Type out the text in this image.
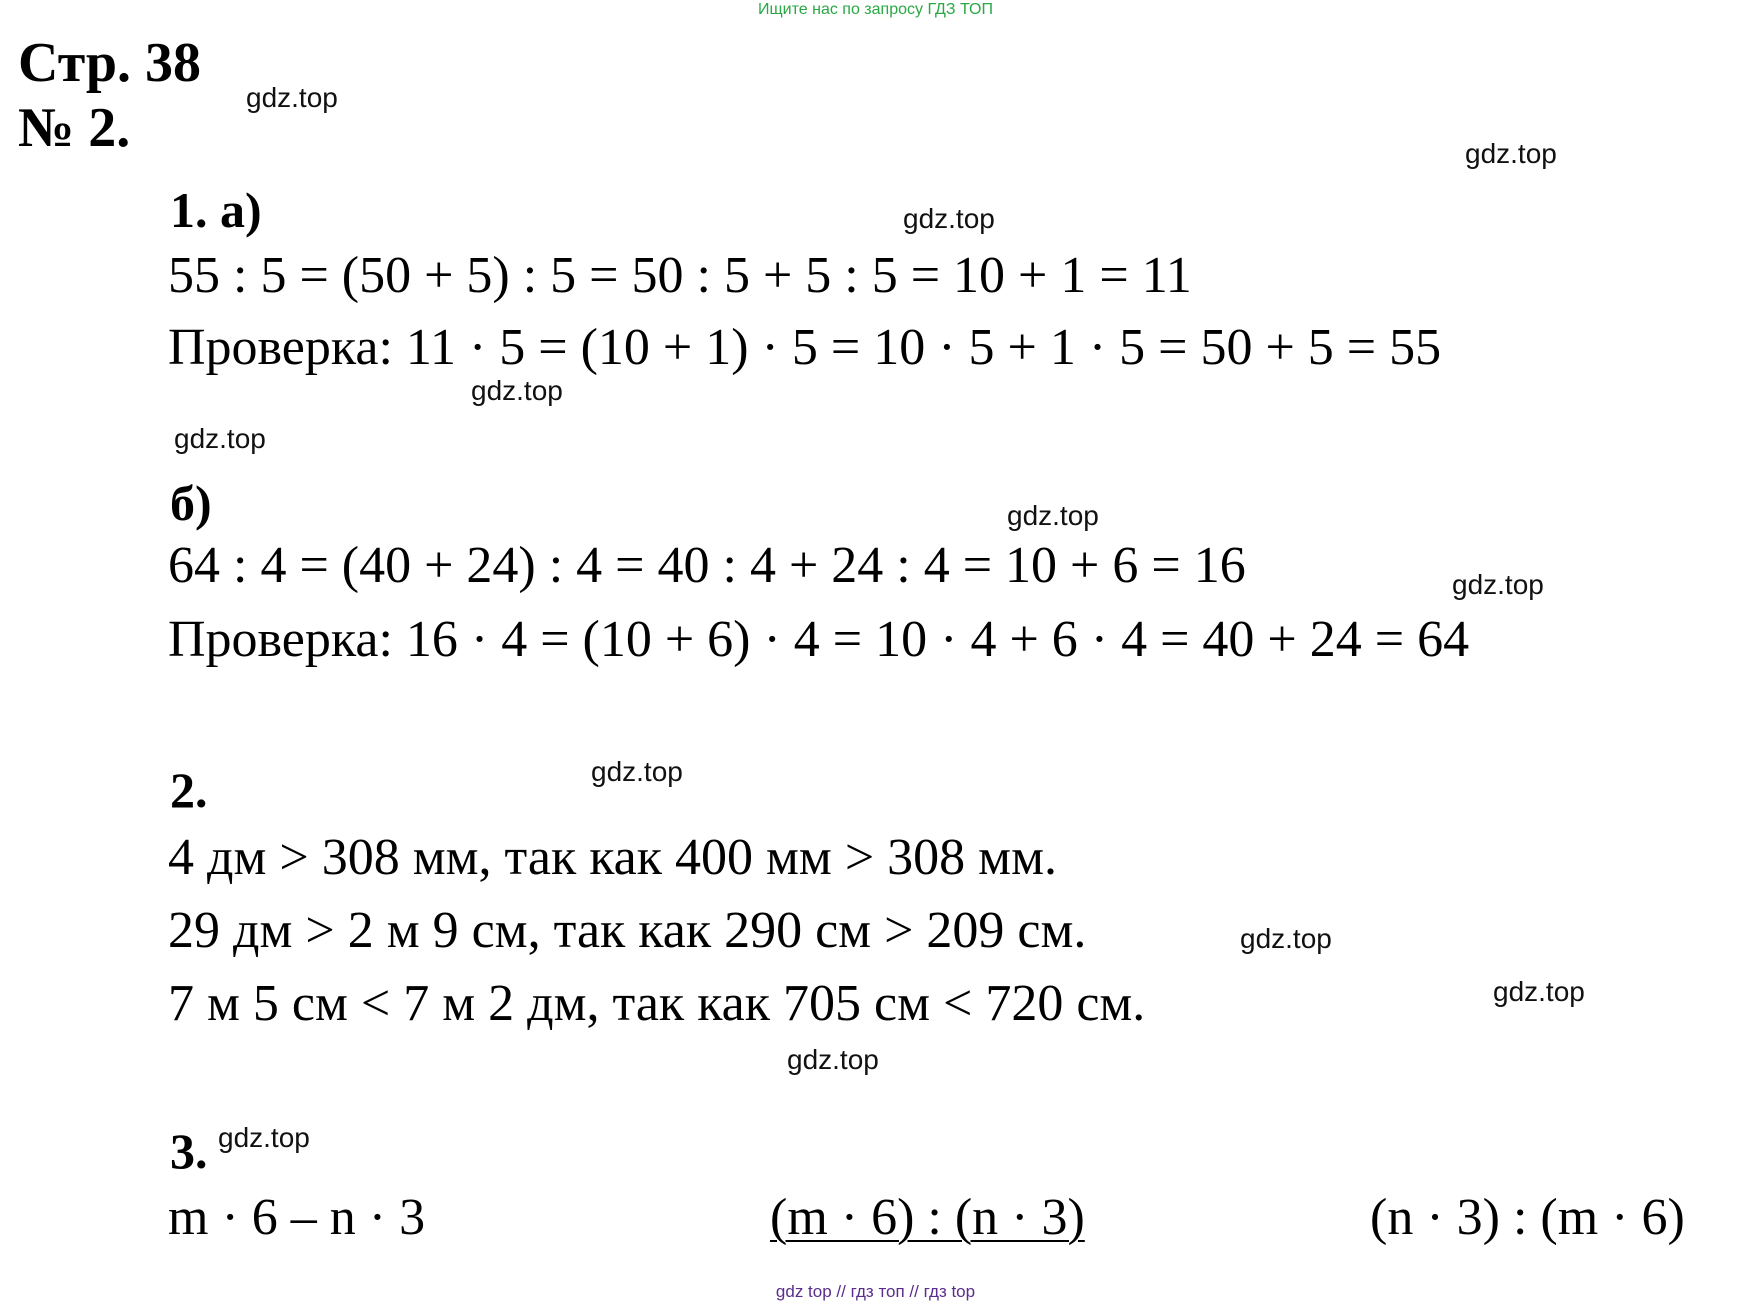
Ищите нас по запросу ГДЗ ТОП
Стр. 38
№ 2.
1. а)
55 : 5 = (50 + 5) : 5 = 50 : 5 + 5 : 5 = 10 + 1 = 11
Проверка: 11 · 5 = (10 + 1) · 5 = 10 · 5 + 1 · 5 = 50 + 5 = 55
б)
64 : 4 = (40 + 24) : 4 = 40 : 4 + 24 : 4 = 10 + 6 = 16
Проверка: 16 · 4 = (10 + 6) · 4 = 10 · 4 + 6 · 4 = 40 + 24 = 64
2.
4 дм > 308 мм, так как 400 мм > 308 мм.
29 дм > 2 м 9 см, так как 290 см > 209 см.
7 м 5 см < 7 м 2 дм, так как 705 см < 720 см.
3.
m · 6 – n · 3	(m · 6) : (n · 3)	(n · 3) : (m · 6)
gdz.top
gdz.top
gdz.top
gdz.top
gdz.top
gdz.top
gdz.top
gdz.top
gdz.top
gdz.top
gdz.top
gdz.top
gdz top // гдз топ // гдз top
